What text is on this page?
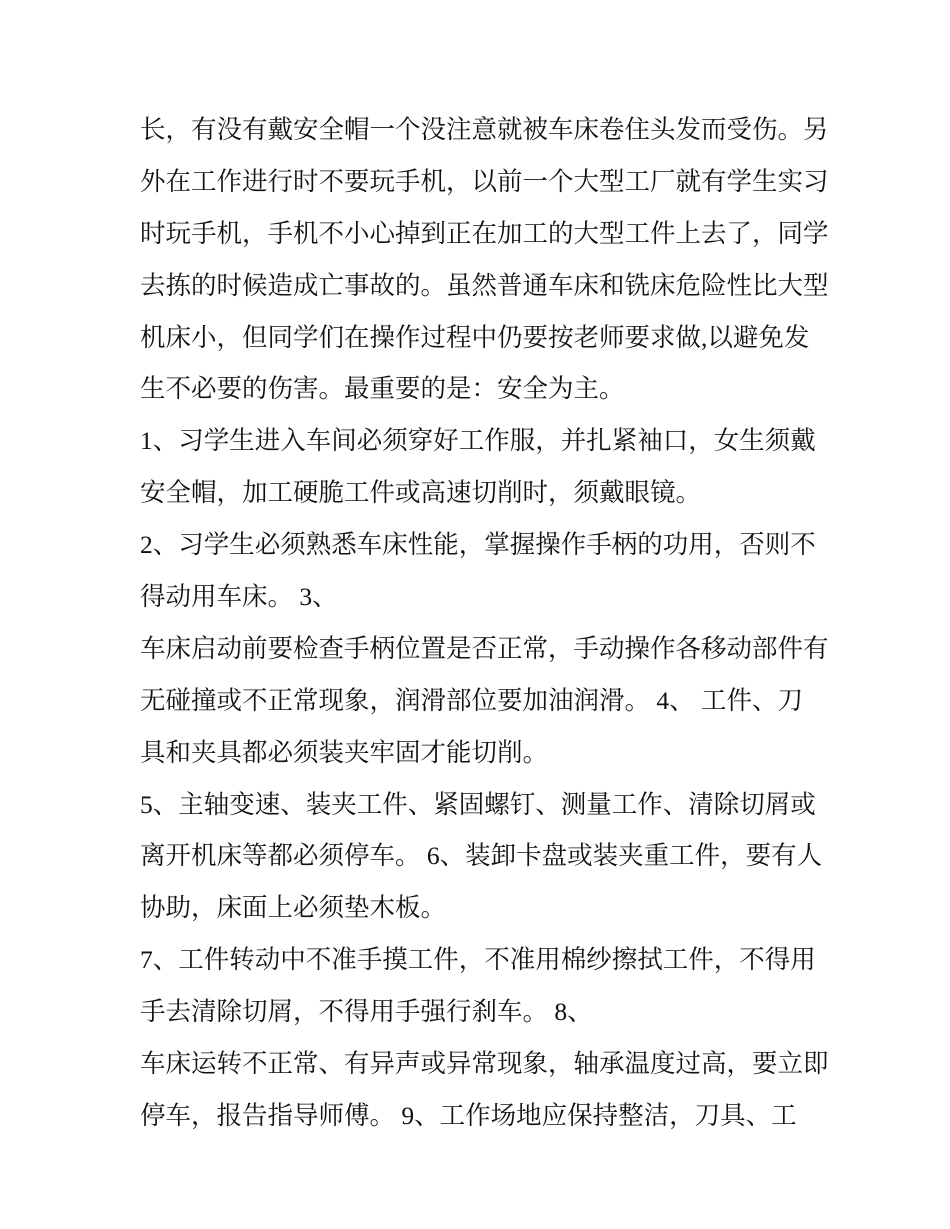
长，有没有戴安全帽一个没注意就被车床卷住头发而受伤。另
外在工作进行时不要玩手机，以前一个大型工厂就有学生实习
时玩手机，手机不小心掉到正在加工的大型工件上去了，同学
去拣的时候造成亡事故的。虽然普通车床和铣床危险性比大型
机床小，但同学们在操作过程中仍要按老师要求做,以避免发
生不必要的伤害。最重要的是：安全为主。
1、习学生进入车间必须穿好工作服，并扎紧袖口，女生须戴
安全帽，加工硬脆工件或高速切削时，须戴眼镜。
2、习学生必须熟悉车床性能，掌握操作手柄的功用，否则不
得动用车床。 3、
车床启动前要检查手柄位置是否正常，手动操作各移动部件有
无碰撞或不正常现象，润滑部位要加油润滑。 4、 工件、刀
具和夹具都必须装夹牢固才能切削。
5、主轴变速、装夹工件、紧固螺钉、测量工作、清除切屑或
离开机床等都必须停车。 6、装卸卡盘或装夹重工件，要有人
协助，床面上必须垫木板。
7、工件转动中不准手摸工件，不准用棉纱擦拭工件，不得用
手去清除切屑，不得用手强行刹车。 8、
车床运转不正常、有异声或异常现象，轴承温度过高，要立即
停车，报告指导师傅。 9、工作场地应保持整洁，刀具、工
